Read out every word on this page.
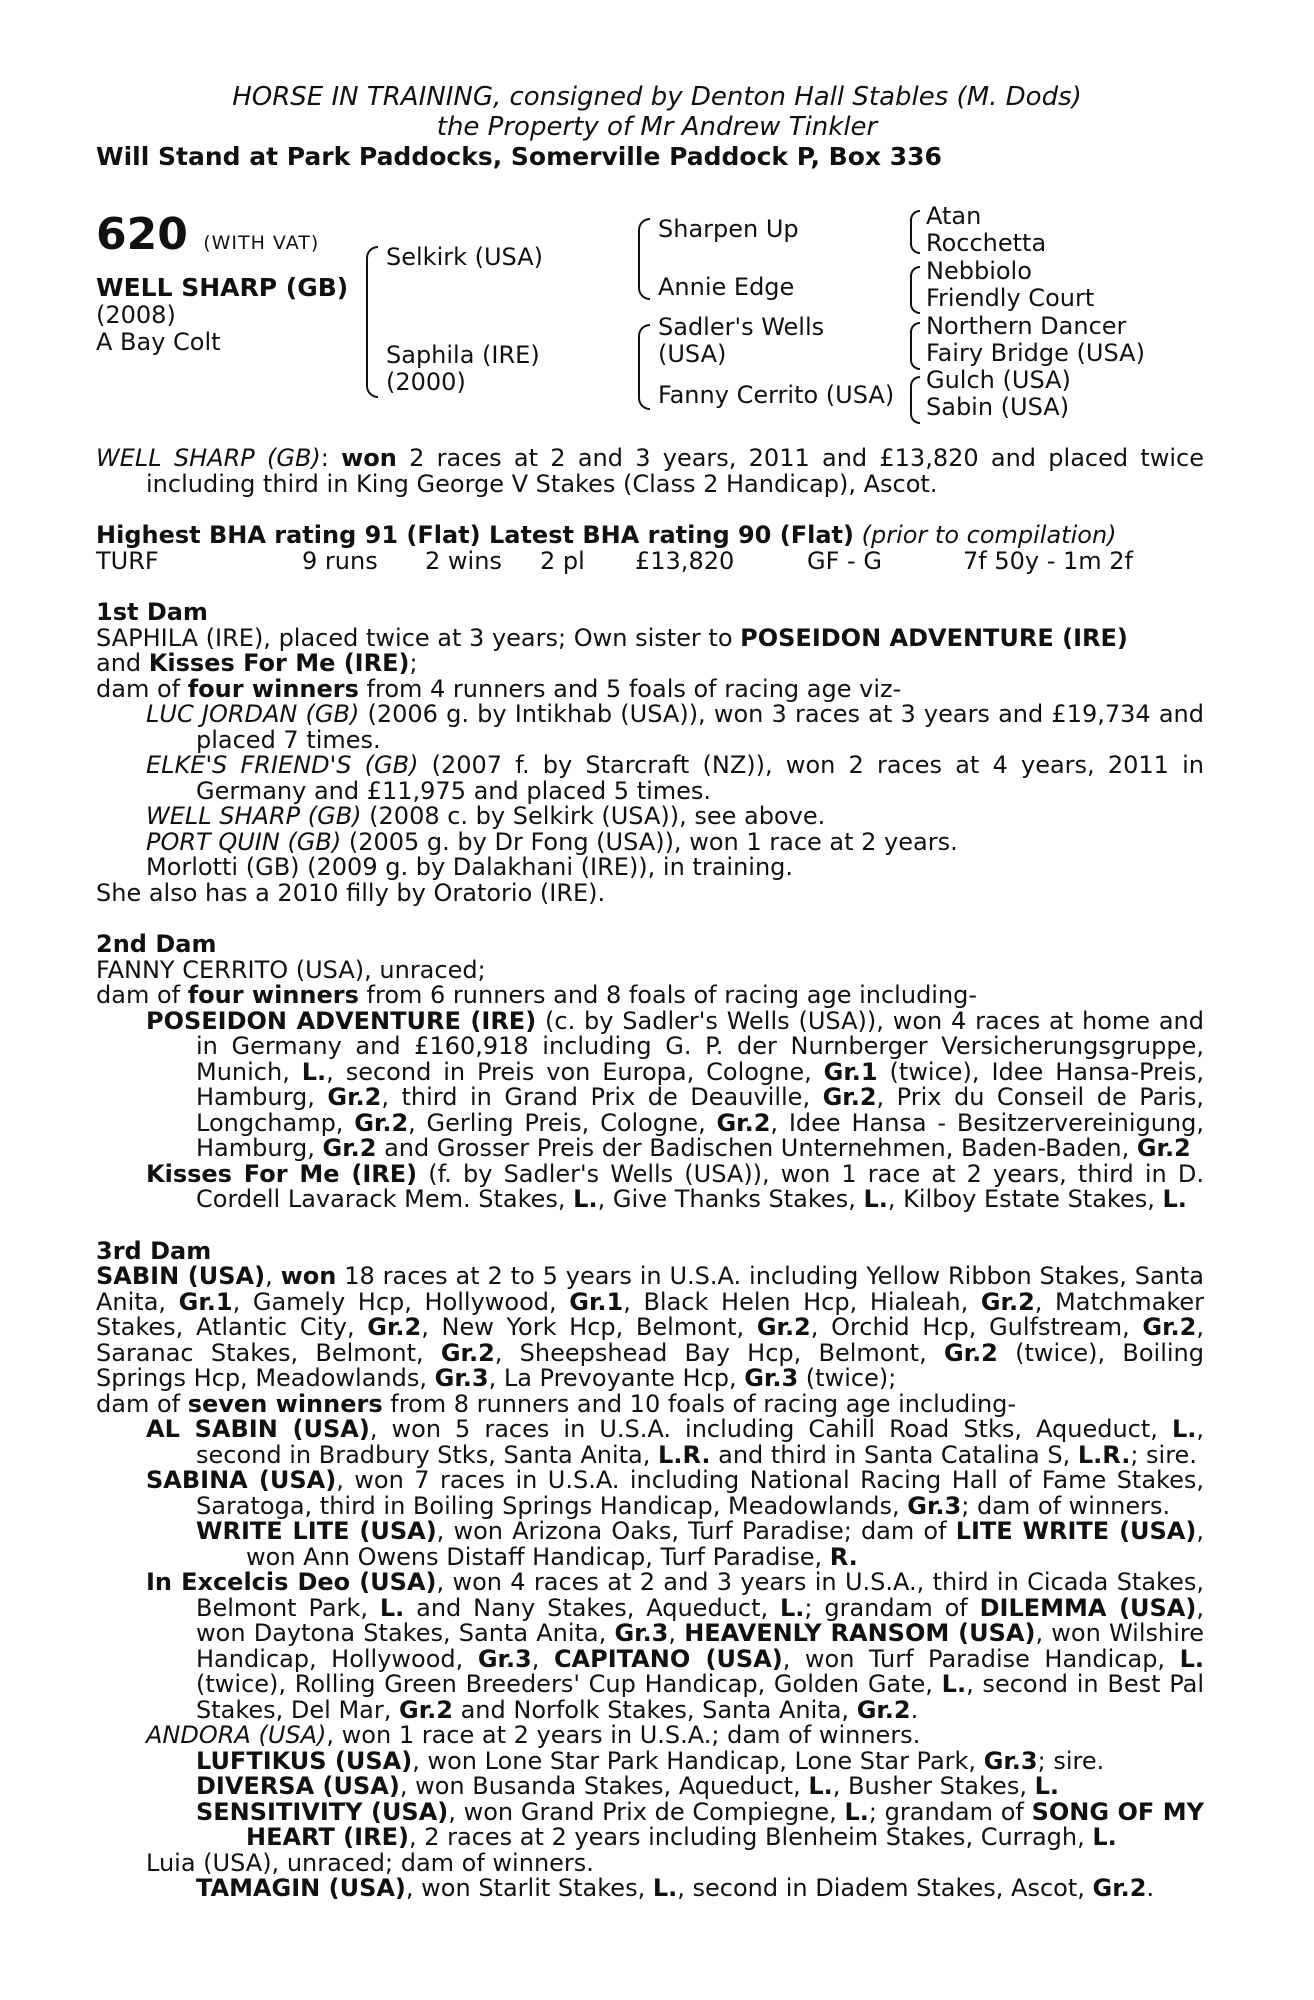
HORSE IN TRAINING, consigned by Denton Hall Stables (M. Dods)
the Property of Mr Andrew Tinkler
Will Stand at Park Paddocks, Somerville Paddock P, Box 336
620 (WITH VAT)
WELL SHARP (GB)
(2008)
A Bay Colt
Selkirk (USA)
Saphila (IRE)
(2000)
Sharpen Up
Annie Edge
Sadler's Wells
(USA)
Fanny Cerrito (USA)
Atan
Rocchetta
Nebbiolo
Friendly Court
Northern Dancer
Fairy Bridge (USA)
Gulch (USA)
Sabin (USA)
WELL SHARP (GB): won 2 races at 2 and 3 years, 2011 and £13,820 and placed twice including third in King George V Stakes (Class 2 Handicap), Ascot.
Highest BHA rating 91 (Flat) Latest BHA rating 90 (Flat) (prior to compilation)
TURF	9 runs	2 wins	2 pl	£13,820	GF - G	7f 50y - 1m 2f
1st Dam
SAPHILA (IRE), placed twice at 3 years; Own sister to POSEIDON ADVENTURE (IRE)
and Kisses For Me (IRE);
dam of four winners from 4 runners and 5 foals of racing age viz-
LUC JORDAN (GB) (2006 g. by Intikhab (USA)), won 3 races at 3 years and £19,734 and placed 7 times.
ELKE'S FRIEND'S (GB) (2007 f. by Starcraft (NZ)), won 2 races at 4 years, 2011 in Germany and £11,975 and placed 5 times.
WELL SHARP (GB) (2008 c. by Selkirk (USA)), see above.
PORT QUIN (GB) (2005 g. by Dr Fong (USA)), won 1 race at 2 years.
Morlotti (GB) (2009 g. by Dalakhani (IRE)), in training.
She also has a 2010 filly by Oratorio (IRE).
2nd Dam
FANNY CERRITO (USA), unraced;
dam of four winners from 6 runners and 8 foals of racing age including-
POSEIDON ADVENTURE (IRE) (c. by Sadler's Wells (USA)), won 4 races at home and in Germany and £160,918 including G. P. der Nurnberger Versicherungsgruppe, Munich, L., second in Preis von Europa, Cologne, Gr.1 (twice), Idee Hansa-Preis, Hamburg, Gr.2, third in Grand Prix de Deauville, Gr.2, Prix du Conseil de Paris, Longchamp, Gr.2, Gerling Preis, Cologne, Gr.2, Idee Hansa - Besitzervereinigung, Hamburg, Gr.2 and Grosser Preis der Badischen Unternehmen, Baden-Baden, Gr.2
Kisses For Me (IRE) (f. by Sadler's Wells (USA)), won 1 race at 2 years, third in D. Cordell Lavarack Mem. Stakes, L., Give Thanks Stakes, L., Kilboy Estate Stakes, L.
3rd Dam
SABIN (USA), won 18 races at 2 to 5 years in U.S.A. including Yellow Ribbon Stakes, Santa Anita, Gr.1, Gamely Hcp, Hollywood, Gr.1, Black Helen Hcp, Hialeah, Gr.2, Matchmaker Stakes, Atlantic City, Gr.2, New York Hcp, Belmont, Gr.2, Orchid Hcp, Gulfstream, Gr.2, Saranac Stakes, Belmont, Gr.2, Sheepshead Bay Hcp, Belmont, Gr.2 (twice), Boiling Springs Hcp, Meadowlands, Gr.3, La Prevoyante Hcp, Gr.3 (twice);
dam of seven winners from 8 runners and 10 foals of racing age including-
AL SABIN (USA), won 5 races in U.S.A. including Cahill Road Stks, Aqueduct, L., second in Bradbury Stks, Santa Anita, L.R. and third in Santa Catalina S, L.R.; sire.
SABINA (USA), won 7 races in U.S.A. including National Racing Hall of Fame Stakes, Saratoga, third in Boiling Springs Handicap, Meadowlands, Gr.3; dam of winners.
WRITE LITE (USA), won Arizona Oaks, Turf Paradise; dam of LITE WRITE (USA), won Ann Owens Distaff Handicap, Turf Paradise, R.
In Excelcis Deo (USA), won 4 races at 2 and 3 years in U.S.A., third in Cicada Stakes, Belmont Park, L. and Nany Stakes, Aqueduct, L.; grandam of DILEMMA (USA), won Daytona Stakes, Santa Anita, Gr.3, HEAVENLY RANSOM (USA), won Wilshire Handicap, Hollywood, Gr.3, CAPITANO (USA), won Turf Paradise Handicap, L. (twice), Rolling Green Breeders' Cup Handicap, Golden Gate, L., second in Best Pal Stakes, Del Mar, Gr.2 and Norfolk Stakes, Santa Anita, Gr.2.
ANDORA (USA), won 1 race at 2 years in U.S.A.; dam of winners.
LUFTIKUS (USA), won Lone Star Park Handicap, Lone Star Park, Gr.3; sire.
DIVERSA (USA), won Busanda Stakes, Aqueduct, L., Busher Stakes, L.
SENSITIVITY (USA), won Grand Prix de Compiegne, L.; grandam of SONG OF MY HEART (IRE), 2 races at 2 years including Blenheim Stakes, Curragh, L.
Luia (USA), unraced; dam of winners.
TAMAGIN (USA), won Starlit Stakes, L., second in Diadem Stakes, Ascot, Gr.2.
